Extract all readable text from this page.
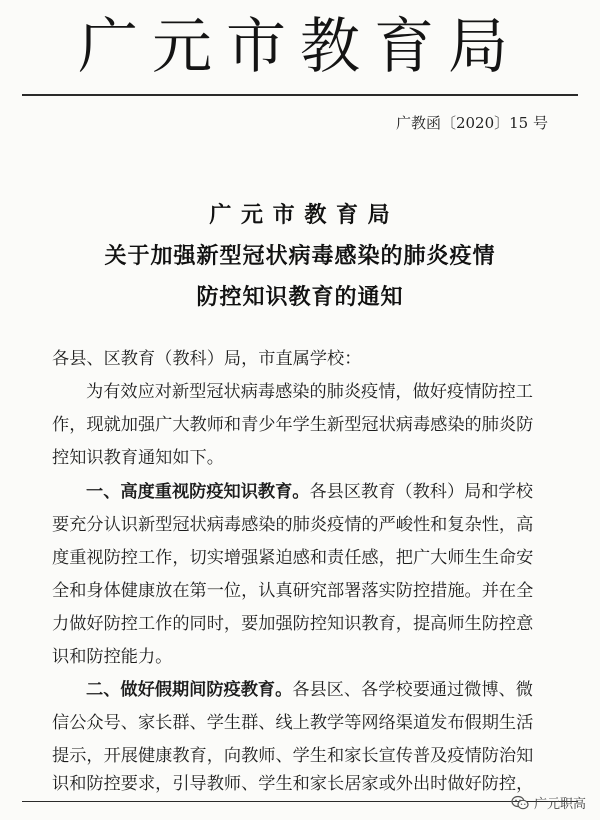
广元市教育局
广教函〔2020〕15 号
广 元 市 教 育 局
关于加强新型冠状病毒感染的肺炎疫情
防控知识教育的通知
各县、区教育（教科）局，市直属学校：
为有效应对新型冠状病毒感染的肺炎疫情，做好疫情防控工
作，现就加强广大教师和青少年学生新型冠状病毒感染的肺炎防
控知识教育通知如下。
一、高度重视防疫知识教育。各县区教育（教科）局和学校
要充分认识新型冠状病毒感染的肺炎疫情的严峻性和复杂性，高
度重视防控工作，切实增强紧迫感和责任感，把广大师生生命安
全和身体健康放在第一位，认真研究部署落实防控措施。并在全
力做好防控工作的同时，要加强防控知识教育，提高师生防控意
识和防控能力。
二、做好假期间防疫教育。各县区、各学校要通过微博、微
信公众号、家长群、学生群、线上教学等网络渠道发布假期生活
提示，开展健康教育，向教师、学生和家长宣传普及疫情防治知
识和防控要求，引导教师、学生和家长居家或外出时做好防控，
广元职高
